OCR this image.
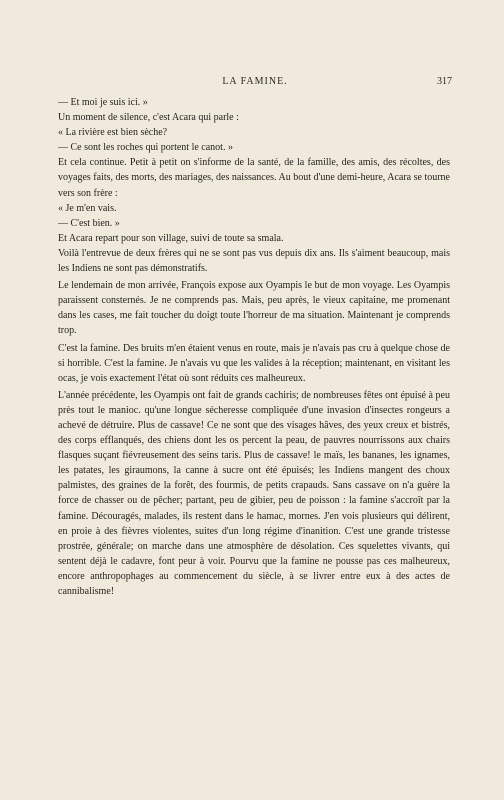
LA FAMINE.	317

— Et moi je suis ici. »

Un moment de silence, c'est Acara qui parle :

« La rivière est bien sèche?

— Ce sont les roches qui portent le canot. »

Et cela continue. Petit à petit on s'informe de la santé, de la famille, des amis, des récoltes, des voyages faits, des morts, des mariages, des naissances. Au bout d'une demi-heure, Acara se tourne vers son frère :

« Je m'en vais.

— C'est bien. »

Et Acara repart pour son village, suivi de toute sa smala.

Voilà l'entrevue de deux frères qui ne se sont pas vus depuis dix ans. Ils s'aiment beaucoup, mais les Indiens ne sont pas démonstratifs.

Le lendemain de mon arrivée, François expose aux Oyampis le but de mon voyage. Les Oyampis paraissent consternés. Je ne comprends pas. Mais, peu après, le vieux capitaine, me promenant dans les cases, me fait toucher du doigt toute l'horreur de ma situation. Maintenant je comprends trop.

C'est la famine. Des bruits m'en étaient venus en route, mais je n'avais pas cru à quelque chose de si horrible. C'est la famine. Je n'avais vu que les valides à la réception; maintenant, en visitant les ocas, je vois exactement l'état où sont réduits ces malheureux.

L'année précédente, les Oyampis ont fait de grands cachiris; de nombreuses fêtes ont épuisé à peu près tout le manioc. qu'une longue sécheresse compliquée d'une invasion d'insectes rongeurs a achevé de détruire. Plus de cassave! Ce ne sont que des visages hâves, des yeux creux et bistrés, des corps efflanqués, des chiens dont les os percent la peau, de pauvres nourrissons aux chairs flasques suçant fiévreusement des seins taris. Plus de cassave! le maïs, les bananes, les ignames, les patates, les giraumons, la canne à sucre ont été épuisés; les Indiens mangent des choux palmistes, des graines de la forêt, des fourmis, de petits crapauds. Sans cassave on n'a guère la force de chasser ou de pêcher; partant, peu de gibier, peu de poisson : la famine s'accroît par la famine. Découragés, malades, ils restent dans le hamac, mornes. J'en vois plusieurs qui délirent, en proie à des fièvres violentes, suites d'un long régime d'inanition. C'est une grande tristesse prostrée, générale; on marche dans une atmosphère de désolation. Ces squelettes vivants, qui sentent déjà le cadavre, font peur à voir. Pourvu que la famine ne pousse pas ces malheureux, encore anthropophages au commencement du siècle, à se livrer entre eux à des actes de cannibalisme!
